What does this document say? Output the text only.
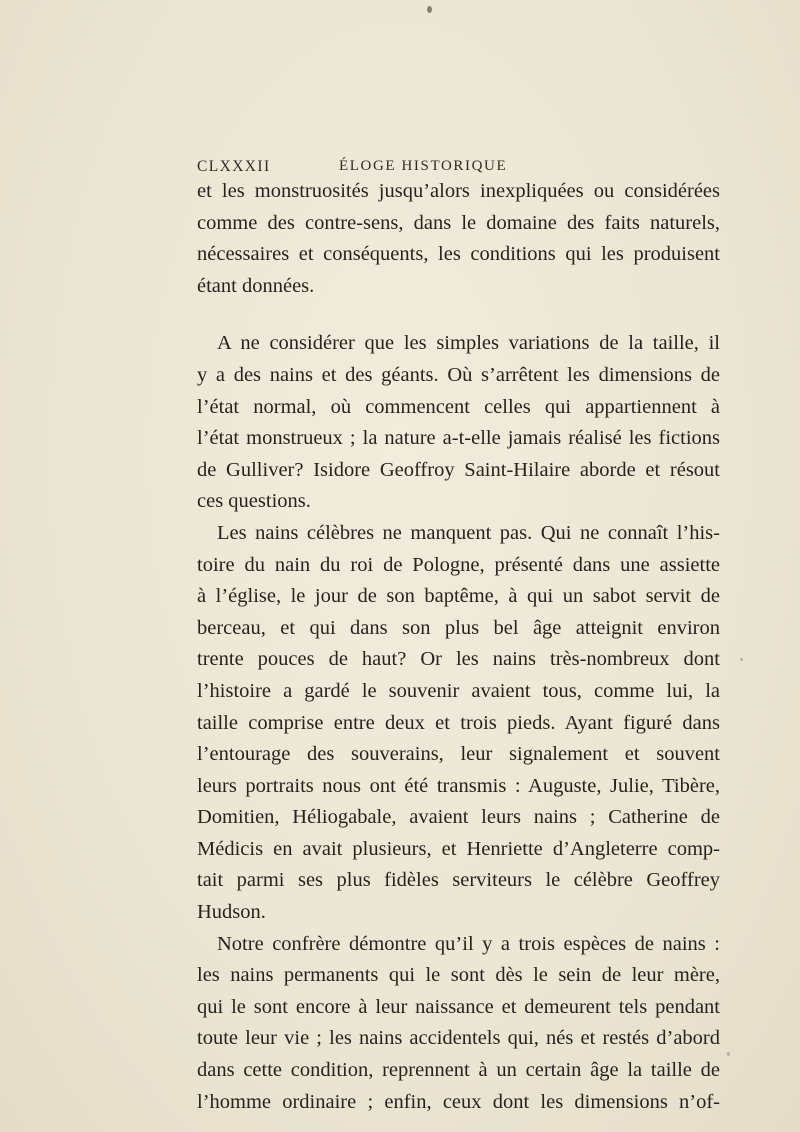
CLXXXII	ÉLOGE HISTORIQUE
et les monstruosités jusqu’alors inexpliquées ou considérées
comme des contre-sens, dans le domaine des faits naturels,
nécessaires et conséquents, les conditions qui les produisent
étant données.
A ne considérer que les simples variations de la taille, il
y a des nains et des géants. Où s’arrêtent les dimensions de
l’état normal, où commencent celles qui appartiennent à
l’état monstrueux ; la nature a-t-elle jamais réalisé les fictions
de Gulliver? Isidore Geoffroy Saint-Hilaire aborde et résout
ces questions.
Les nains célèbres ne manquent pas. Qui ne connaît l’his-
toire du nain du roi de Pologne, présenté dans une assiette
à l’église, le jour de son baptême, à qui un sabot servit de
berceau, et qui dans son plus bel âge atteignit environ
trente pouces de haut? Or les nains très-nombreux dont
l’histoire a gardé le souvenir avaient tous, comme lui, la
taille comprise entre deux et trois pieds. Ayant figuré dans
l’entourage des souverains, leur signalement et souvent
leurs portraits nous ont été transmis : Auguste, Julie, Tibère,
Domitien, Héliogabale, avaient leurs nains ; Catherine de
Médicis en avait plusieurs, et Henriette d’Angleterre comp-
tait parmi ses plus fidèles serviteurs le célèbre Geoffrey
Hudson.
Notre confrère démontre qu’il y a trois espèces de nains :
les nains permanents qui le sont dès le sein de leur mère,
qui le sont encore à leur naissance et demeurent tels pendant
toute leur vie ; les nains accidentels qui, nés et restés d’abord
dans cette condition, reprennent à un certain âge la taille de
l’homme ordinaire ; enfin, ceux dont les dimensions n’of-
